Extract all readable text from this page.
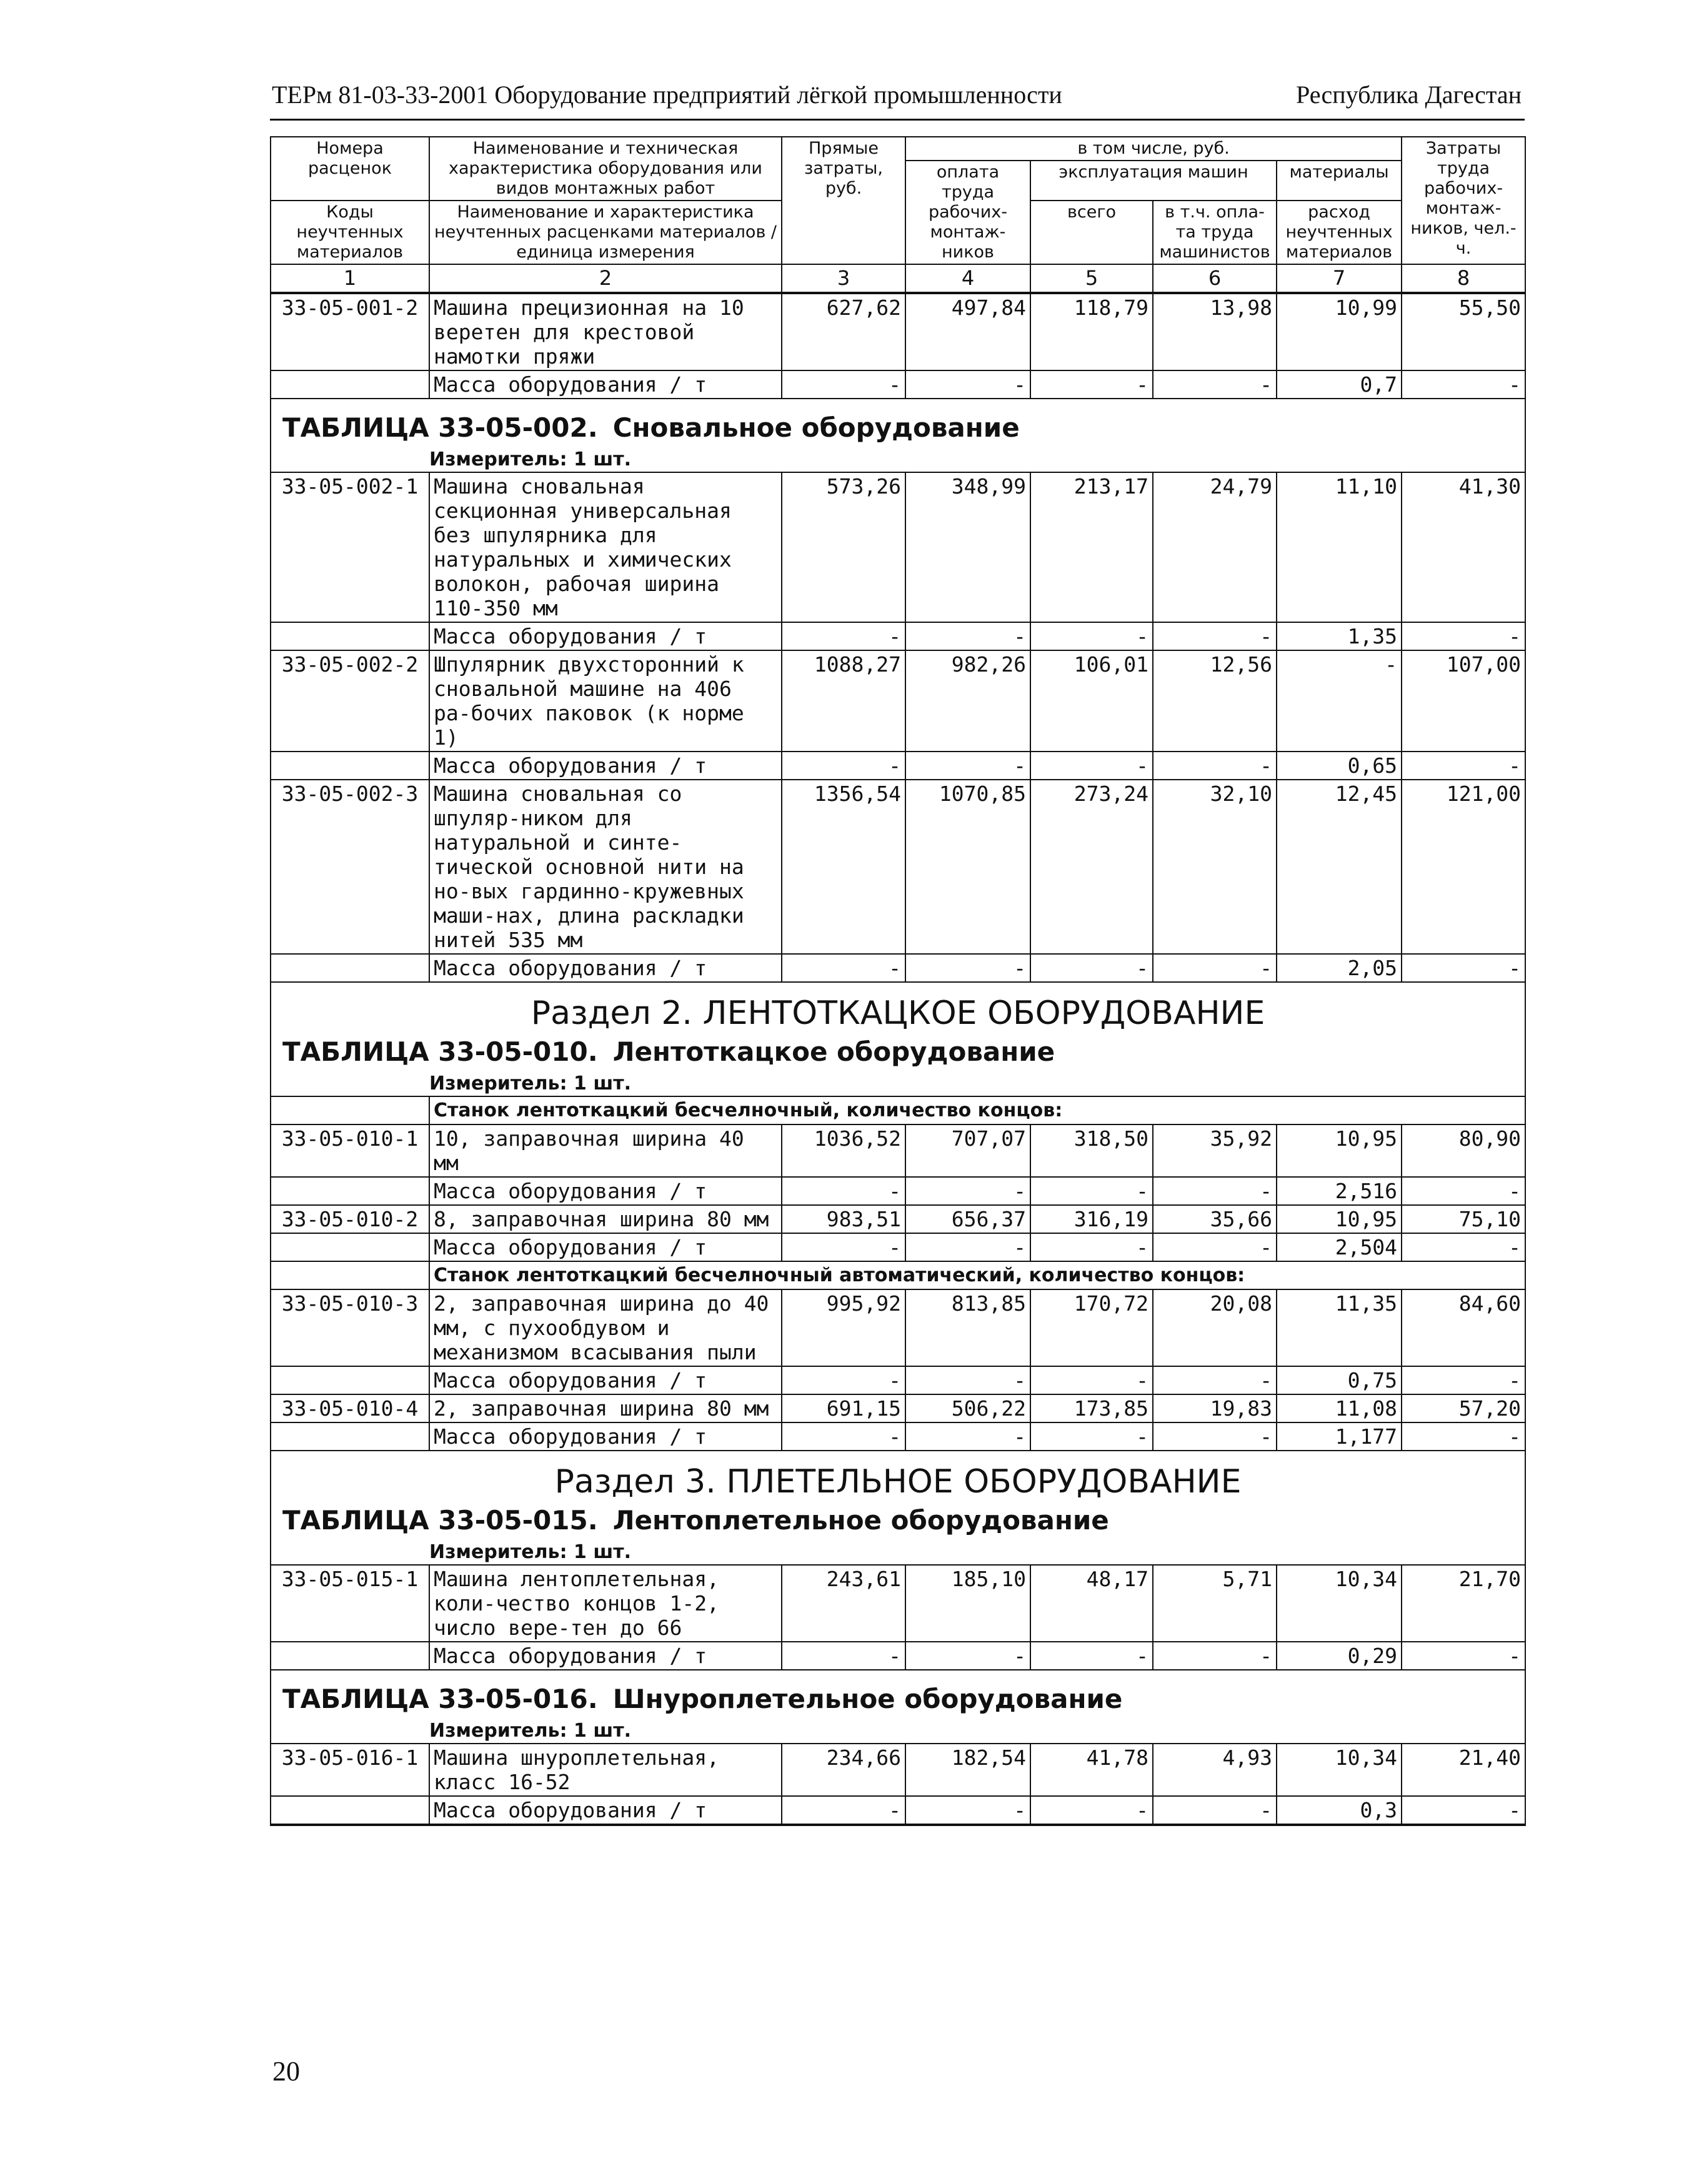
ТЕРм 81-03-33-2001 Оборудование предприятий лёгкой промышленности	Республика Дагестан
Номера расценок	Наименование и техническая характеристика оборудования или видов монтажных работ	Прямые затраты, руб.	в том числе, руб.				Затраты труда рабочих-монтаж-ников, чел.-ч.
			оплата труда рабочих-монтаж-ников	эксплуатация машин		материалы	
Коды неучтенных материалов	Наименование и характеристика неучтенных расценками материалов / единица измерения			всего	в т.ч. опла-та труда машинистов	расход неучтенных материалов	

1	2	3	4	5	6	7	8
33-05-001-2	Машина прецизионная на 10 веретен для крестовой намотки пряжи	627,62	497,84	118,79	13,98	10,99	55,50
	Масса оборудования / т	-	-	-	-	0,7	-
ТАБЛИЦА 33-05-002. Сновальное оборудование							
	Измеритель: 1 шт.						
33-05-002-1	Машина сновальная секционная универсальная без шпулярника для натуральных и химических волокон, рабочая ширина 110-350 мм	573,26	348,99	213,17	24,79	11,10	41,30
	Масса оборудования / т	-	-	-	-	1,35	-
33-05-002-2	Шпулярник двухсторонний к сновальной машине на 406 ра-бочих паковок (к норме 1)	1088,27	982,26	106,01	12,56	-	107,00
	Масса оборудования / т	-	-	-	-	0,65	-
33-05-002-3	Машина сновальная со шпуляр-ником для натуральной и синте-тической основной нити на но-вых гардинно-кружевных маши-нах, длина раскладки нитей 535 мм	1356,54	1070,85	273,24	32,10	12,45	121,00
	Масса оборудования / т	-	-	-	-	2,05	-
Раздел 2. ЛЕНТОТКАЦКОЕ ОБОРУДОВАНИЕ							
ТАБЛИЦА 33-05-010. Лентоткацкое оборудование							
	Измеритель: 1 шт.						
	Станок лентоткацкий бесчелночный, количество концов:						
33-05-010-1	10, заправочная ширина 40 мм	1036,52	707,07	318,50	35,92	10,95	80,90
	Масса оборудования / т	-	-	-	-	2,516	-
33-05-010-2	8, заправочная ширина 80 мм	983,51	656,37	316,19	35,66	10,95	75,10
	Масса оборудования / т	-	-	-	-	2,504	-
	Станок лентоткацкий бесчелночный автоматический, количество концов:						
33-05-010-3	2, заправочная ширина до 40 мм, с пухообдувом и механизмом всасывания пыли	995,92	813,85	170,72	20,08	11,35	84,60
	Масса оборудования / т	-	-	-	-	0,75	-
33-05-010-4	2, заправочная ширина 80 мм	691,15	506,22	173,85	19,83	11,08	57,20
	Масса оборудования / т	-	-	-	-	1,177	-
Раздел 3. ПЛЕТЕЛЬНОЕ ОБОРУДОВАНИЕ							
ТАБЛИЦА 33-05-015. Лентоплетельное оборудование							
	Измеритель: 1 шт.						
33-05-015-1	Машина лентоплетельная, коли-чество концов 1-2, число вере-тен до 66	243,61	185,10	48,17	5,71	10,34	21,70
	Масса оборудования / т	-	-	-	-	0,29	-
ТАБЛИЦА 33-05-016. Шнуроплетельное оборудование							
	Измеритель: 1 шт.						
33-05-016-1	Машина шнуроплетельная, класс 16-52	234,66	182,54	41,78	4,93	10,34	21,40
	Масса оборудования / т	-	-	-	-	0,3	-
20
